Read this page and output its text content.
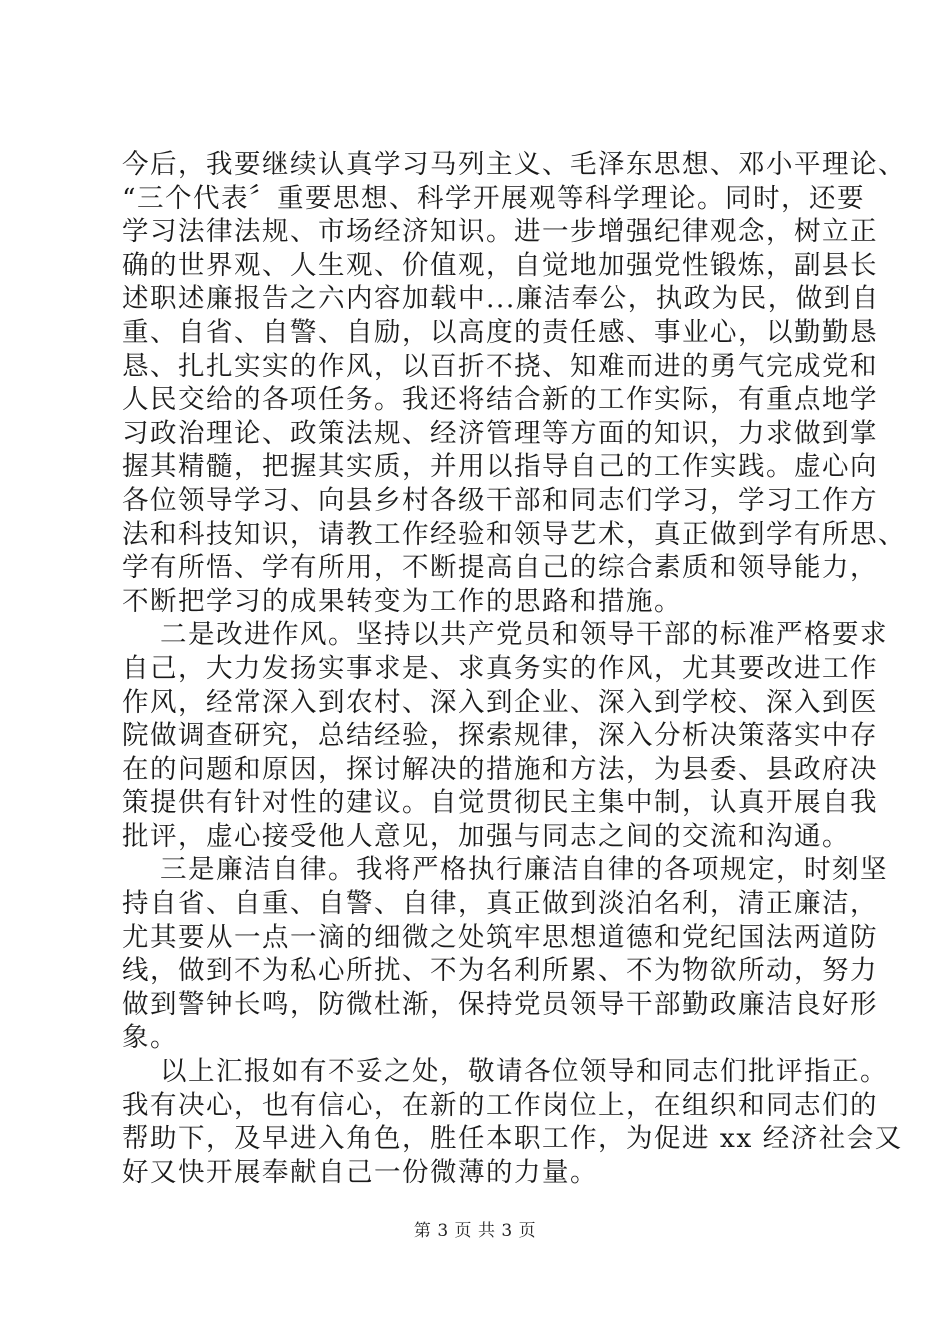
今后，我要继续认真学习马列主义、毛泽东思想、邓小平理论、
“三个代表〞重要思想、科学开展观等科学理论。同时，还要
学习法律法规、市场经济知识。进一步增强纪律观念，树立正
确的世界观、人生观、价值观，自觉地加强党性锻炼，副县长
述职述廉报告之六内容加载中...廉洁奉公，执政为民，做到自
重、自省、自警、自励，以高度的责任感、事业心，以勤勤恳
恳、扎扎实实的作风，以百折不挠、知难而进的勇气完成党和
人民交给的各项任务。我还将结合新的工作实际，有重点地学
习政治理论、政策法规、经济管理等方面的知识，力求做到掌
握其精髓，把握其实质，并用以指导自己的工作实践。虚心向
各位领导学习、向县乡村各级干部和同志们学习，学习工作方
法和科技知识，请教工作经验和领导艺术，真正做到学有所思、
学有所悟、学有所用，不断提高自己的综合素质和领导能力，
不断把学习的成果转变为工作的思路和措施。
二是改进作风。坚持以共产党员和领导干部的标准严格要求
自己，大力发扬实事求是、求真务实的作风，尤其要改进工作
作风，经常深入到农村、深入到企业、深入到学校、深入到医
院做调查研究，总结经验，探索规律，深入分析决策落实中存
在的问题和原因，探讨解决的措施和方法，为县委、县政府决
策提供有针对性的建议。自觉贯彻民主集中制，认真开展自我
批评，虚心接受他人意见，加强与同志之间的交流和沟通。
三是廉洁自律。我将严格执行廉洁自律的各项规定，时刻坚
持自省、自重、自警、自律，真正做到淡泊名利，清正廉洁，
尤其要从一点一滴的细微之处筑牢思想道德和党纪国法两道防
线，做到不为私心所扰、不为名利所累、不为物欲所动，努力
做到警钟长鸣，防微杜渐，保持党员领导干部勤政廉洁良好形
象。
以上汇报如有不妥之处，敬请各位领导和同志们批评指正。
我有决心，也有信心，在新的工作岗位上，在组织和同志们的
帮助下，及早进入角色，胜任本职工作，为促进 xx 经济社会又
好又快开展奉献自己一份微薄的力量。
第 3 页 共 3 页
